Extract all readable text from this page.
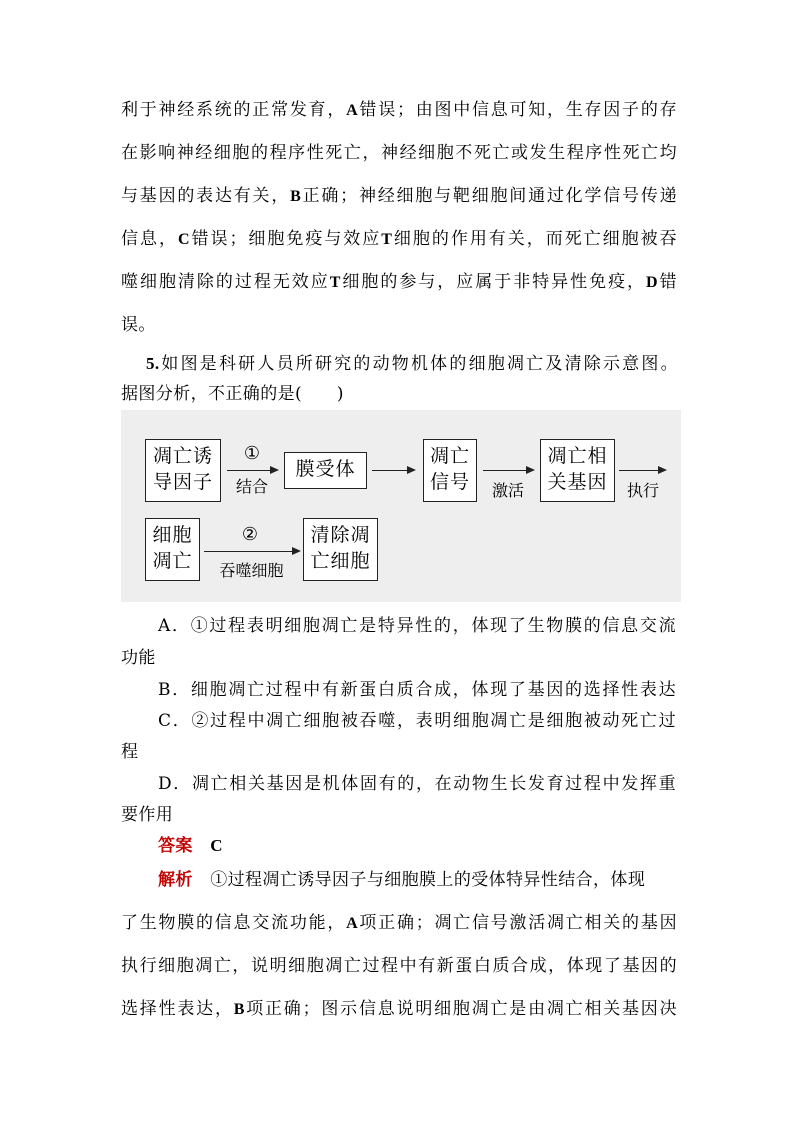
利于神经系统的正常发育，A错误；由图中信息可知，生存因子的存
在影响神经细胞的程序性死亡，神经细胞不死亡或发生程序性死亡均
与基因的表达有关，B正确；神经细胞与靶细胞间通过化学信号传递
信息，C错误；细胞免疫与效应T细胞的作用有关，而死亡细胞被吞
噬细胞清除的过程无效应T细胞的参与，应属于非特异性免疫，D错
误。
5.如图是科研人员所研究的动物机体的细胞凋亡及清除示意图。
据图分析，不正确的是(　　)
凋亡诱
导因子
①
结合
膜受体
凋亡
信号	激活
凋亡相
关基因	执行
细胞
凋亡
②
吞噬细胞
清除凋
亡细胞
A．①过程表明细胞凋亡是特异性的，体现了生物膜的信息交流
功能
B．细胞凋亡过程中有新蛋白质合成，体现了基因的选择性表达
C．②过程中凋亡细胞被吞噬，表明细胞凋亡是细胞被动死亡过
程
D．凋亡相关基因是机体固有的，在动物生长发育过程中发挥重
要作用
答案 C
解析 ①过程凋亡诱导因子与细胞膜上的受体特异性结合，体现
了生物膜的信息交流功能，A项正确；凋亡信号激活凋亡相关的基因
执行细胞凋亡，说明细胞凋亡过程中有新蛋白质合成，体现了基因的
选择性表达，B项正确；图示信息说明细胞凋亡是由凋亡相关基因决
